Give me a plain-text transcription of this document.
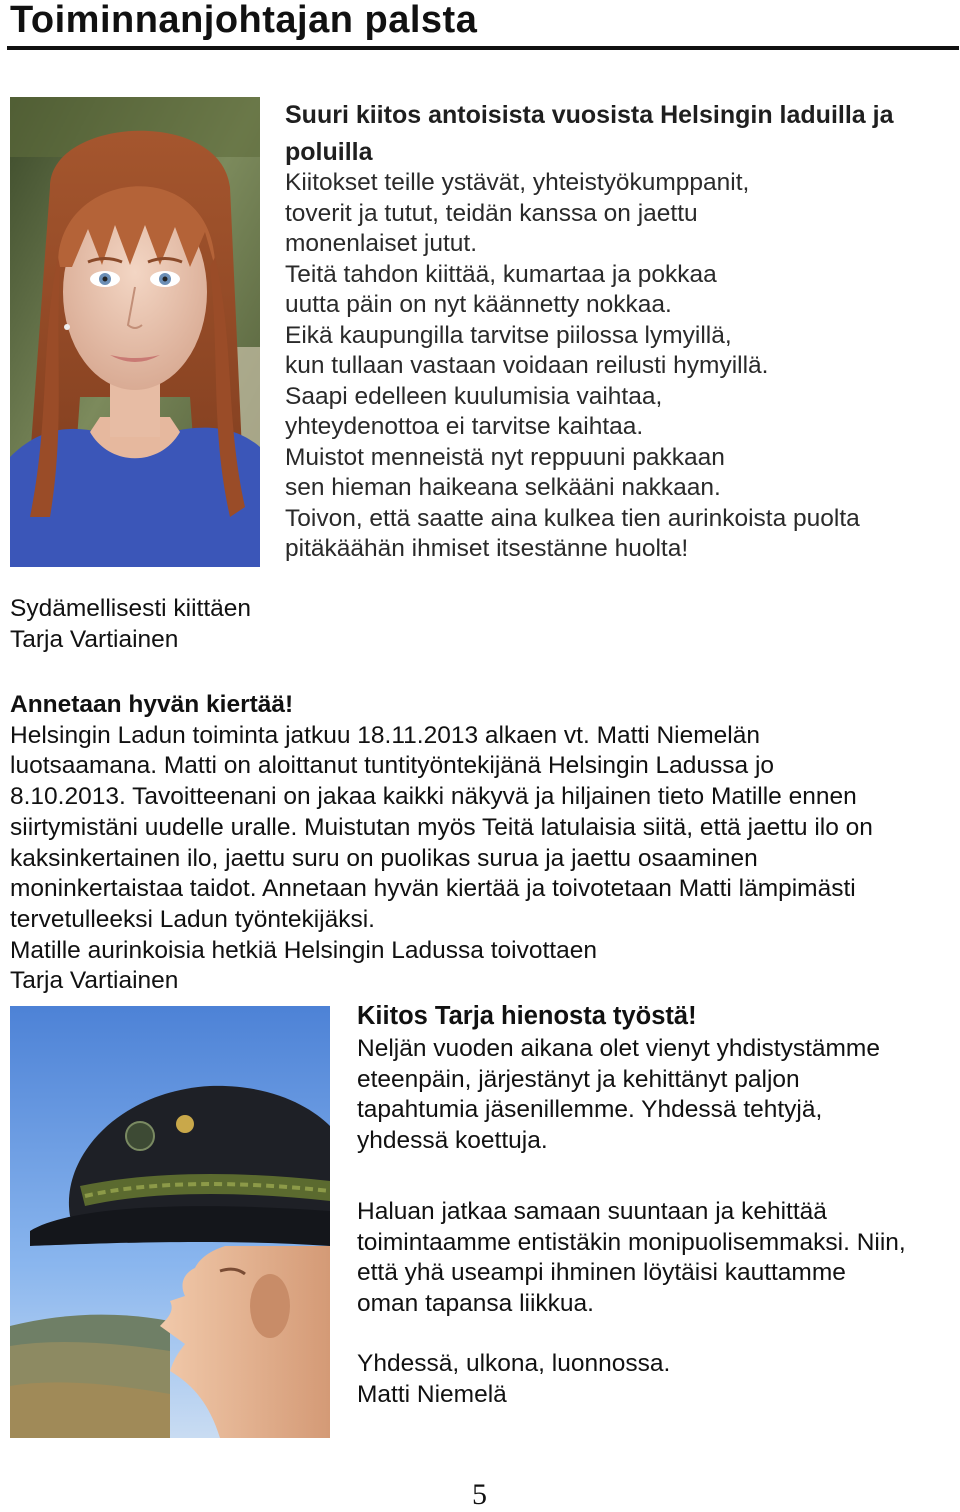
Toiminnanjohtajan palsta
Suuri kiitos antoisista vuosista Helsingin laduilla ja poluilla
Kiitokset teille ystävät, yhteistyökumppanit,
toverit ja tutut, teidän kanssa on jaettu
monenlaiset jutut.
Teitä tahdon kiittää, kumartaa ja pokkaa
uutta päin on nyt käännetty nokkaa.
Eikä kaupungilla tarvitse piilossa lymyillä,
kun tullaan vastaan voidaan reilusti hymyillä.
Saapi edelleen kuulumisia vaihtaa,
yhteydenottoa ei tarvitse kaihtaa.
Muistot menneistä nyt reppuuni pakkaan
sen hieman haikeana selkääni nakkaan.
Toivon, että saatte aina kulkea tien aurinkoista puolta
pitäkäähän ihmiset itsestänne huolta!
Sydämellisesti kiittäen
Tarja Vartiainen
Annetaan hyvän kiertää!
Helsingin Ladun toiminta jatkuu 18.11.2013 alkaen vt. Matti Niemelän
luotsaamana. Matti on aloittanut tuntityöntekijänä Helsingin Ladussa jo
8.10.2013. Tavoitteenani on jakaa kaikki näkyvä ja hiljainen tieto Matille ennen
siirtymistäni uudelle uralle. Muistutan myös Teitä latulaisia siitä, että jaettu ilo on
kaksinkertainen ilo, jaettu suru on puolikas surua ja jaettu osaaminen
moninkertaistaa taidot. Annetaan hyvän kiertää ja toivotetaan Matti lämpimästi
tervetulleeksi Ladun työntekijäksi.
Matille aurinkoisia hetkiä Helsingin Ladussa toivottaen
Tarja Vartiainen
Kiitos Tarja hienosta työstä!
Neljän vuoden aikana olet vienyt yhdistystämme
eteenpäin, järjestänyt ja kehittänyt paljon
tapahtumia jäsenillemme. Yhdessä tehtyjä,
yhdessä koettuja.
Haluan jatkaa samaan suuntaan ja kehittää
toimintaamme entistäkin monipuolisemmaksi. Niin,
että yhä useampi ihminen löytäisi kauttamme
oman tapansa liikkua.
Yhdessä, ulkona, luonnossa.
Matti Niemelä
5
